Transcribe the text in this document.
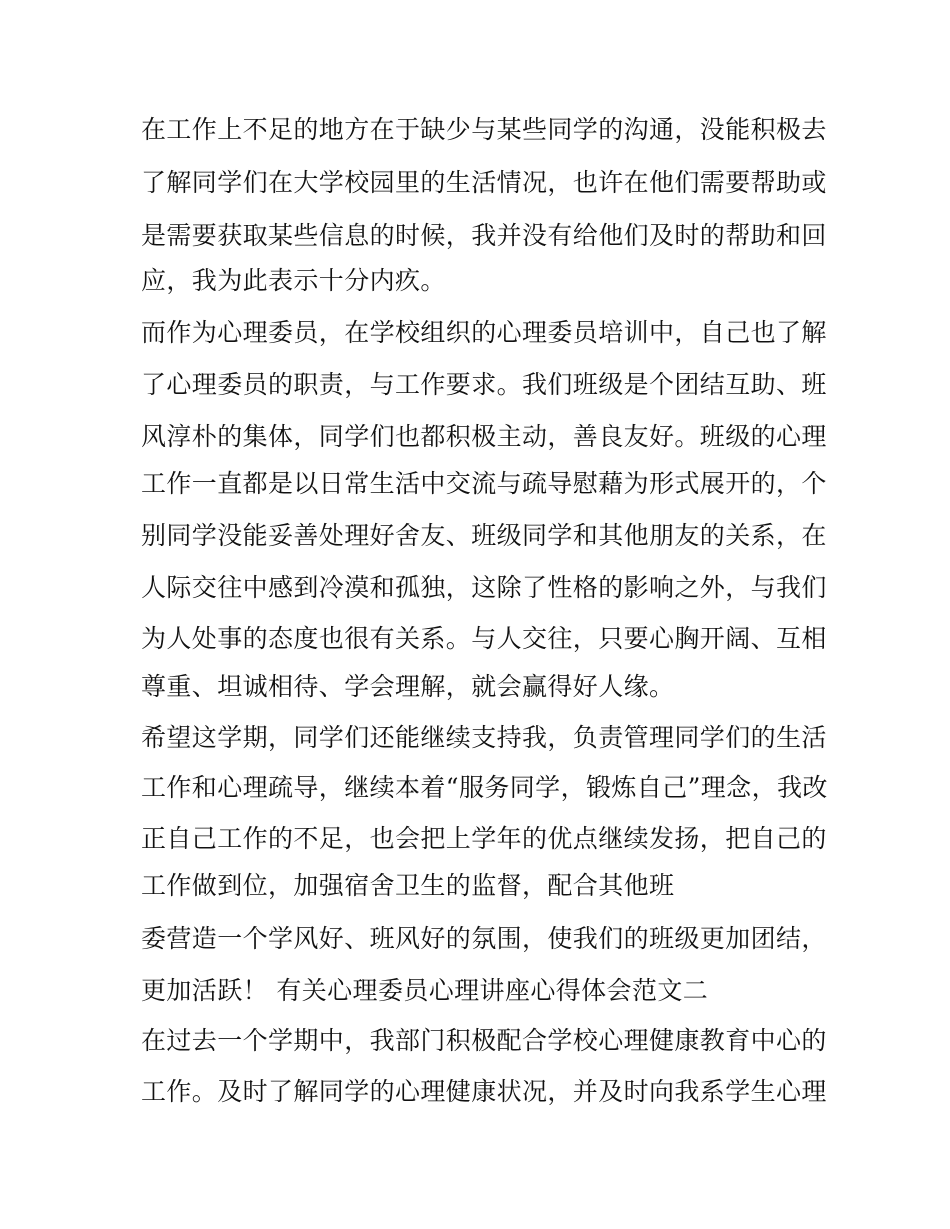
在工作上不足的地方在于缺少与某些同学的沟通，没能积极去
了解同学们在大学校园里的生活情况，也许在他们需要帮助或
是需要获取某些信息的时候，我并没有给他们及时的帮助和回
应，我为此表示十分内疚。
而作为心理委员，在学校组织的心理委员培训中，自己也了解
了心理委员的职责，与工作要求。我们班级是个团结互助、班
风淳朴的集体，同学们也都积极主动，善良友好。班级的心理
工作一直都是以日常生活中交流与疏导慰藉为形式展开的，个
别同学没能妥善处理好舍友、班级同学和其他朋友的关系，在
人际交往中感到冷漠和孤独，这除了性格的影响之外，与我们
为人处事的态度也很有关系。与人交往，只要心胸开阔、互相
尊重、坦诚相待、学会理解，就会赢得好人缘。
希望这学期，同学们还能继续支持我，负责管理同学们的生活
工作和心理疏导，继续本着“服务同学，锻炼自己”理念，我改
正自己工作的不足，也会把上学年的优点继续发扬，把自己的
工作做到位，加强宿舍卫生的监督，配合其他班
委营造一个学风好、班风好的氛围，使我们的班级更加团结，
更加活跃！ 有关心理委员心理讲座心得体会范文二
在过去一个学期中，我部门积极配合学校心理健康教育中心的
工作。及时了解同学的心理健康状况，并及时向我系学生心理
